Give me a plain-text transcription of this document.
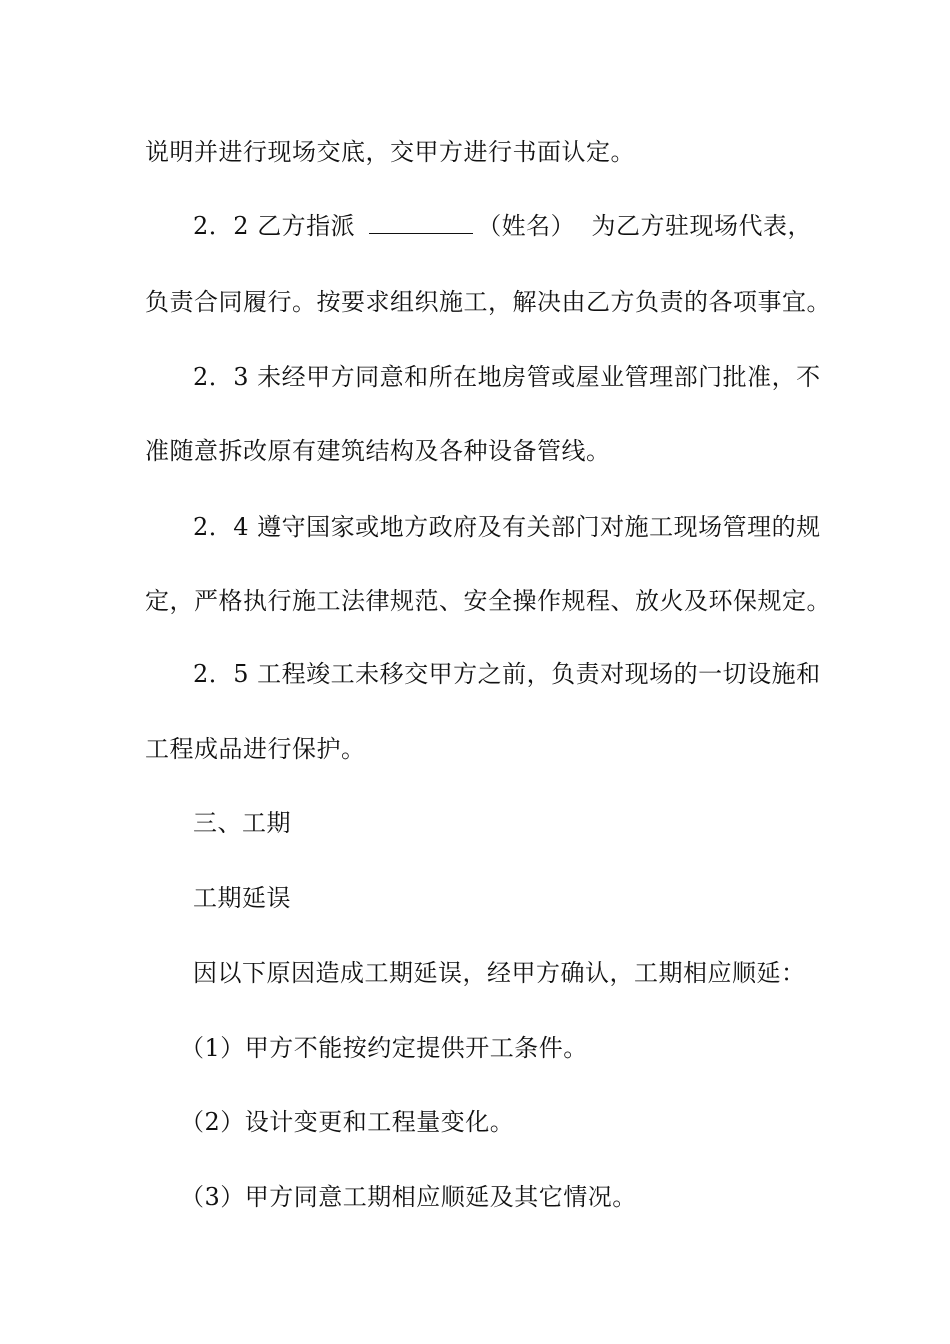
说明并进行现场交底，交甲方进行书面认定。
2．2 乙方指派	（姓名） 为乙方驻现场代表，
负责合同履行。按要求组织施工，解决由乙方负责的各项事宜。
2．3 未经甲方同意和所在地房管或屋业管理部门批准，不
准随意拆改原有建筑结构及各种设备管线。
2．4 遵守国家或地方政府及有关部门对施工现场管理的规
定，严格执行施工法律规范、安全操作规程、放火及环保规定。
2．5 工程竣工未移交甲方之前，负责对现场的一切设施和
工程成品进行保护。
三、工期
工期延误
因以下原因造成工期延误，经甲方确认，工期相应顺延：
（1）甲方不能按约定提供开工条件。
（2）设计变更和工程量变化。
（3）甲方同意工期相应顺延及其它情况。
